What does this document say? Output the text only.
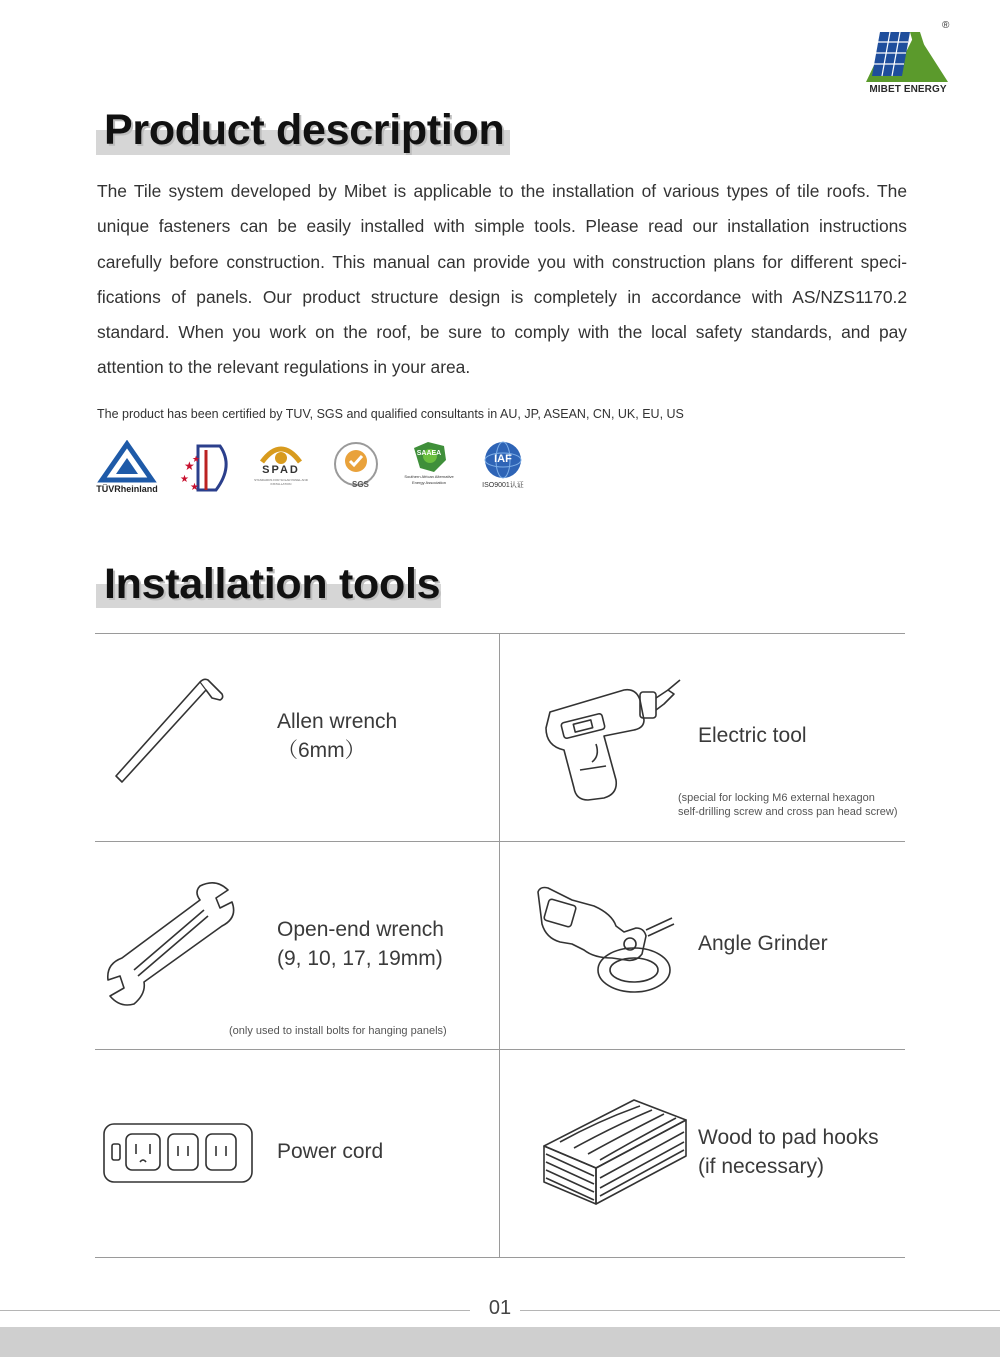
®
MIBET ENERGY
Product description
The Tile system developed by Mibet is applicable to the installation of various types of tile roofs. The
unique fasteners can be easily installed with simple tools. Please read our installation instructions
carefully before construction. This manual can provide you with construction plans for different speci-
fications of panels. Our product structure design is completely in accordance with AS/NZS1170.2
standard. When you work on the roof, be sure to comply with the local safety standards, and pay
attention to the relevant regulations in your area.
The product has been certified by TUV, SGS and qualified consultants in AU, JP, ASEAN, CN, UK, EU, US
TÜVRheinland
★
★
★
★
SPAD
STANDARDS FOR SOLAR PANEL AND INSTALLATION	SGS
SAAEA
Southern African Alternative Energy Association
IAF
ISO9001认证
Installation tools
Allen wrench
（6mm）
Electric tool
(special for locking M6 external hexagon
self-drilling screw and cross pan head screw)
Open-end wrench
(9, 10, 17, 19mm)
(only used to install bolts for hanging panels)
Angle Grinder
Power cord
Wood to pad hooks
(if necessary)
01
